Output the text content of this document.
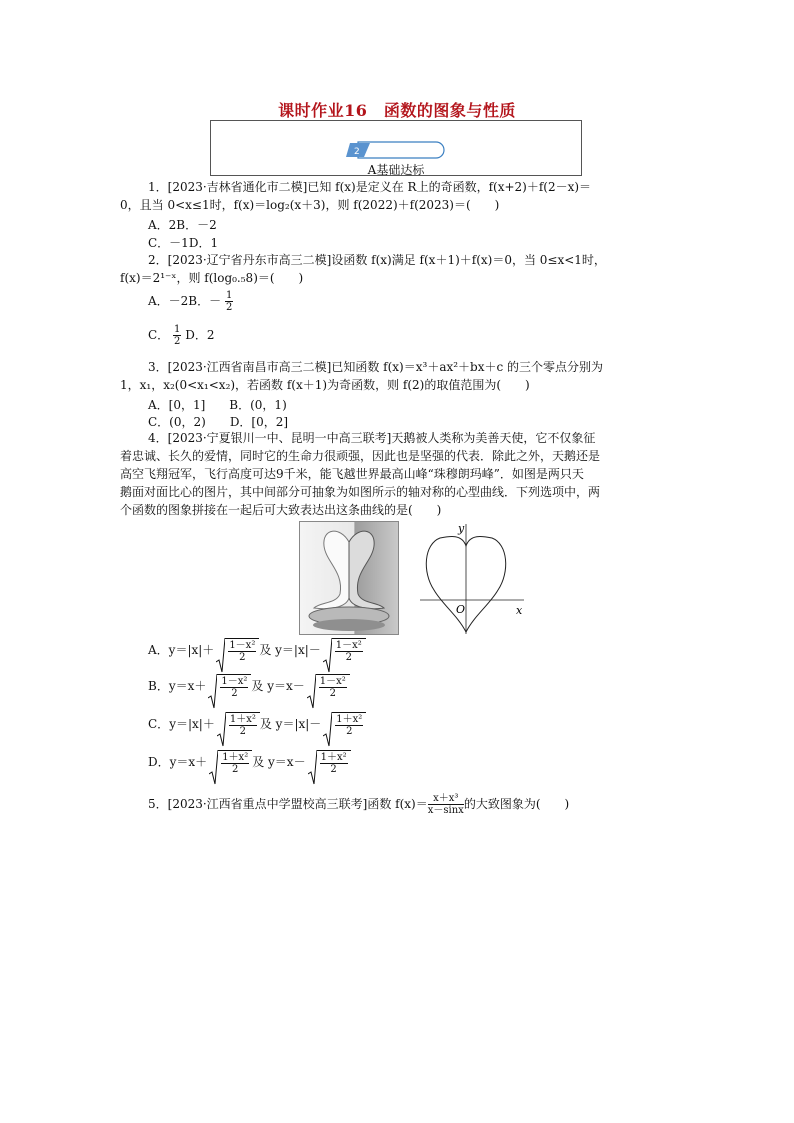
课时作业16　函数的图象与性质
2
A基础达标
1．[2023·吉林省通化市二模]已知 f(x)是定义在 R上的奇函数，f(x+2)＋f(2－x)＝
0，且当 0<x≤1时，f(x)＝log₂(x＋3)，则 f(2022)＋f(2023)＝(　　)
A．2B．－2
C．－1D．1
2．[2023·辽宁省丹东市高三二模]设函数 f(x)满足 f(x＋1)＋f(x)＝0，当 0≤x<1时，
f(x)＝2¹⁻ˣ，则 f(log₀.₅8)＝(　　)
A．－2B．－ $\frac{1}{2}$
C． $\frac{1}{2}$ D．2
3．[2023·江西省南昌市高三二模]已知函数 f(x)＝x³＋ax²＋bx＋c 的三个零点分别为
1，x₁，x₂(0<x₁<x₂)，若函数 f(x＋1)为奇函数，则 f(2)的取值范围为(　　)
A．[0，1]　　B．(0，1)
C．(0，2)　　D．[0，2]
4．[2023·宁夏银川一中、昆明一中高三联考]天鹅被人类称为美善天使，它不仅象征
着忠诚、长久的爱情，同时它的生命力很顽强，因此也是坚强的代表．除此之外，天鹅还是
高空飞翔冠军，飞行高度可达9千米，能飞越世界最高山峰“珠穆朗玛峰”．如图是两只天
鹅面对面比心的图片，其中间部分可抽象为如图所示的轴对称的心型曲线．下列选项中，两
个函数的图象拼接在一起后可大致表达出这条曲线的是(　　)
y
x
O
A．$y=|x|+ \frac{\text{1－x²}}{2}$ 及 $y=|x|- \frac{\text{1－x²}}{2}$
B．$y=x+ \frac{\text{1－x²}}{2}$ 及 $y=x- \frac{\text{1－x²}}{2}$
C．$y=|x|+ \frac{\text{1＋x²}}{2}$ 及 $y=|x|- \frac{\text{1＋x²}}{2}$
D．$y=x+ \frac{\text{1＋x²}}{2}$ 及 $y=x- \frac{\text{1＋x²}}{2}$
5．[2023·江西省重点中学盟校高三联考]函数 $f(x)= \frac{\text{x＋x³}}{x-\sin x}$ 的大致图象为(　　)
